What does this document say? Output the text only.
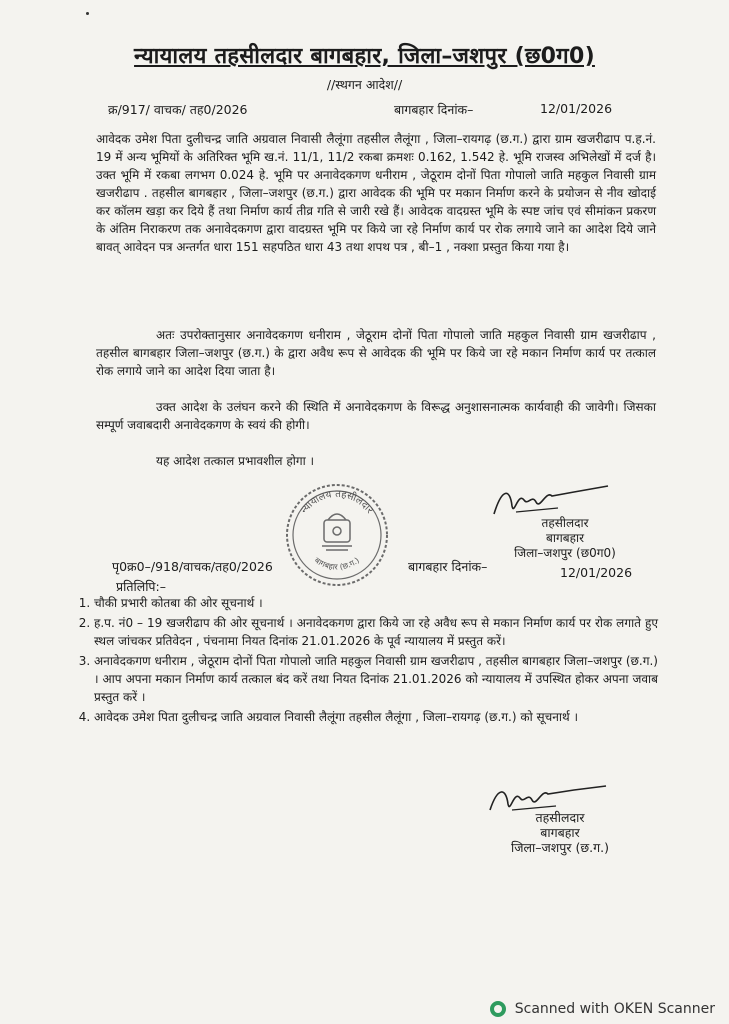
न्यायालय तहसीलदार बागबहार, जिला–जशपुर (छ0ग0)
//स्थगन आदेश//
क्र/917/ वाचक/ तह0/2026	बागबहार दिनांक–	12/01/2026
आवेदक उमेश पिता दुलीचन्द्र जाति अग्रवाल निवासी लैलूंगा तहसील लैलूंगा , जिला–रायगढ़ (छ.ग.) द्वारा ग्राम खजरीढाप प.ह.नं. 19 में अन्य भूमियों के अतिरिक्त भूमि ख.नं. 11/1, 11/2 रकबा क्रमशः 0.162, 1.542 हे. भूमि राजस्व अभिलेखों में दर्ज है। उक्त भूमि में रकबा लगभग 0.024 हे. भूमि पर अनावेदकगण धनीराम , जेठूराम दोनों पिता गोपालो जाति महकुल निवासी ग्राम खजरीढाप . तहसील बागबहार , जिला–जशपुर (छ.ग.) द्वारा आवेदक की भूमि पर मकान निर्माण करने के प्रयोजन से नीव खोदाई कर कॉलम खड़ा कर दिये हैं तथा निर्माण कार्य तीव्र गति से जारी रखे हैं। आवेदक वादग्रस्त भूमि के स्पष्ट जांच एवं सीमांकन प्रकरण के अंतिम निराकरण तक अनावेदकगण द्वारा वादग्रस्त भूमि पर किये जा रहे निर्माण कार्य पर रोक लगाये जाने का आदेश दिये जाने बावत् आवेदन पत्र अन्तर्गत धारा 151 सहपठित धारा 43 तथा शपथ पत्र , बी–1 , नक्शा प्रस्तुत किया गया है।
अतः उपरोक्तानुसार अनावेदकगण धनीराम , जेठूराम दोनों पिता गोपालो जाति महकुल निवासी ग्राम खजरीढाप , तहसील बागबहार जिला–जशपुर (छ.ग.) के द्वारा अवैध रूप से आवेदक की भूमि पर किये जा रहे मकान निर्माण कार्य पर तत्काल रोक लगाये जाने का आदेश दिया जाता है।
उक्त आदेश के उलंघन करने की स्थिति में अनावेदकगण के विरूद्ध अनुशासनात्मक कार्यवाही की जावेगी। जिसका सम्पूर्ण जवाबदारी अनावेदकगण के स्वयं की होगी।
यह आदेश तत्काल प्रभावशील होगा ।
न्यायालय तहसीलदार
बागबहार (छ.ग.)
तहसीलदार
बागबहार
जिला–जशपुर (छ0ग0)
पृ0क्र0–/918/वाचक/तह0/2026	बागबहार दिनांक–	12/01/2026
प्रतिलिपि:–
1. चौकी प्रभारी कोतबा की ओर सूचनार्थ ।
2. ह.प. नं0 – 19 खजरीढाप की ओर सूचनार्थ । अनावेदकगण द्वारा किये जा रहे अवैध रूप से मकान निर्माण कार्य पर रोक लगाते हुए स्थल जांचकर प्रतिवेदन , पंचनामा नियत दिनांक 21.01.2026 के पूर्व न्यायालय में प्रस्तुत करें।
3. अनावेदकगण धनीराम , जेठूराम दोनों पिता गोपालो जाति महकुल निवासी ग्राम खजरीढाप , तहसील बागबहार जिला–जशपुर (छ.ग.) । आप अपना मकान निर्माण कार्य तत्काल बंद करें तथा नियत दिनांक 21.01.2026 को न्यायालय में उपस्थित होकर अपना जवाब प्रस्तुत करें ।
4. आवेदक उमेश पिता दुलीचन्द्र जाति अग्रवाल निवासी लैलूंगा तहसील लैलूंगा , जिला–रायगढ़ (छ.ग.) को सूचनार्थ ।
तहसीलदार
बागबहार
जिला–जशपुर (छ.ग.)
Scanned with OKEN Scanner
